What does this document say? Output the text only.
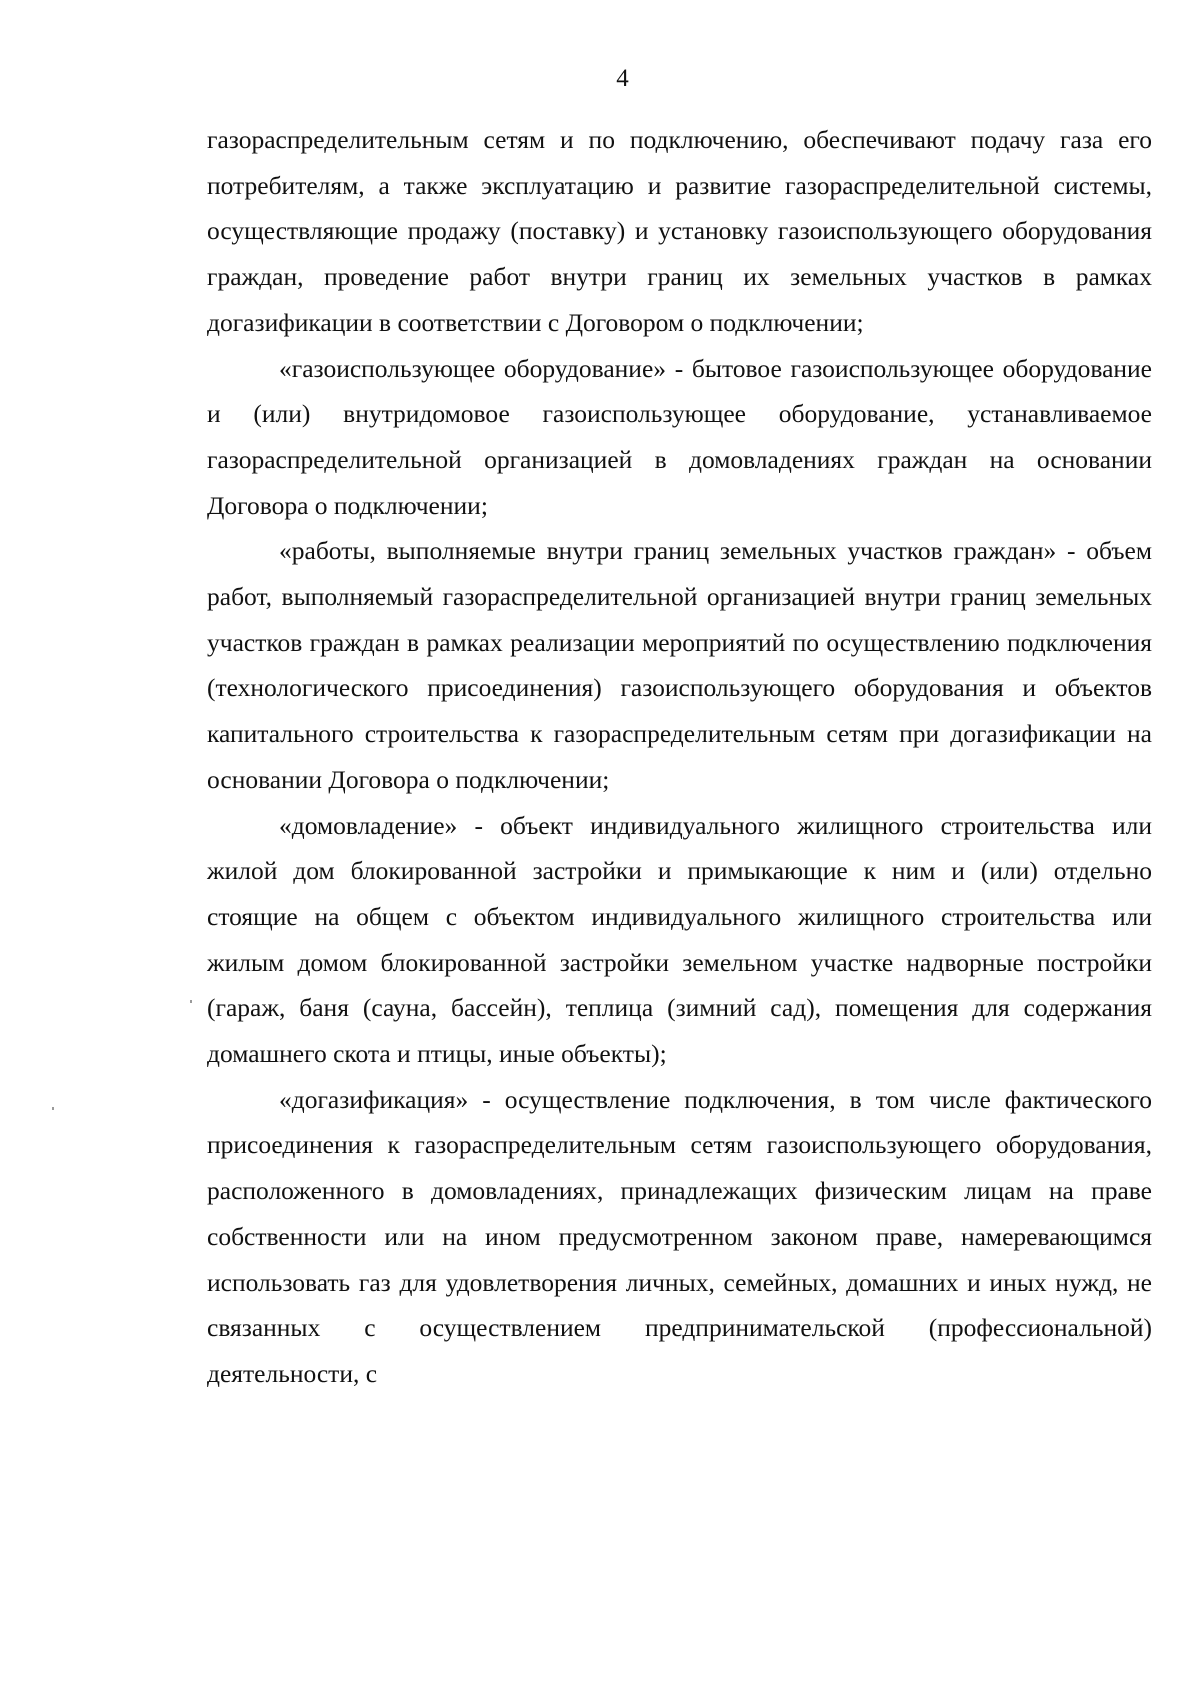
4

газораспределительным сетям и по подключению, обеспечивают подачу газа его потребителям, а также эксплуатацию и развитие газораспределительной системы, осуществляющие продажу (поставку) и установку газоиспользующего оборудования граждан, проведение работ внутри границ их земельных участков в рамках догазификации в соответствии с Договором о подключении;

«газоиспользующее оборудование» - бытовое газоиспользующее оборудование и (или) внутридомовое газоиспользующее оборудование, устанавливаемое газораспределительной организацией в домовладениях граждан на основании Договора о подключении;

«работы, выполняемые внутри границ земельных участков граждан» - объем работ, выполняемый газораспределительной организацией внутри границ земельных участков граждан в рамках реализации мероприятий по осуществлению подключения (технологического присоединения) газоиспользующего оборудования и объектов капитального строительства к газораспределительным сетям при догазификации на основании Договора о подключении;

«домовладение» - объект индивидуального жилищного строительства или жилой дом блокированной застройки и примыкающие к ним и (или) отдельно стоящие на общем с объектом индивидуального жилищного строительства или жилым домом блокированной застройки земельном участке надворные постройки (гараж, баня (сауна, бассейн), теплица (зимний сад), помещения для содержания домашнего скота и птицы, иные объекты);

«догазификация» - осуществление подключения, в том числе фактического присоединения к газораспределительным сетям газоиспользующего оборудования, расположенного в домовладениях, принадлежащих физическим лицам на праве собственности или на ином предусмотренном законом праве, намеревающимся использовать газ для удовлетворения личных, семейных, домашних и иных нужд, не связанных с осуществлением предпринимательской (профессиональной) деятельности, с
